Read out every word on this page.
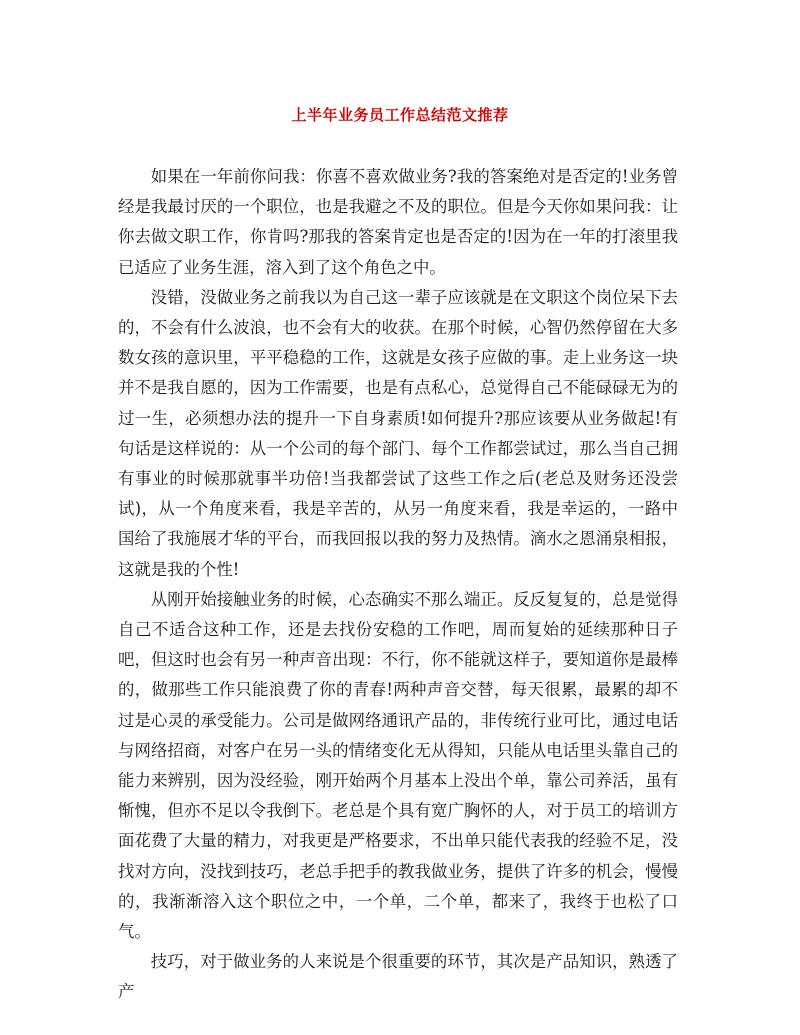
上半年业务员工作总结范文推荐

如果在一年前你问我：你喜不喜欢做业务?我的答案绝对是否定的!业务曾经是我最讨厌的一个职位，也是我避之不及的职位。但是今天你如果问我：让你去做文职工作，你肯吗?那我的答案肯定也是否定的!因为在一年的打滚里我已适应了业务生涯，溶入到了这个角色之中。

没错，没做业务之前我以为自己这一辈子应该就是在文职这个岗位呆下去的，不会有什么波浪，也不会有大的收获。在那个时候，心智仍然停留在大多数女孩的意识里，平平稳稳的工作，这就是女孩子应做的事。走上业务这一块并不是我自愿的，因为工作需要，也是有点私心，总觉得自己不能碌碌无为的过一生，必须想办法的提升一下自身素质!如何提升?那应该要从业务做起!有句话是这样说的：从一个公司的每个部门、每个工作都尝试过，那么当自己拥有事业的时候那就事半功倍!当我都尝试了这些工作之后(老总及财务还没尝试)，从一个角度来看，我是辛苦的，从另一角度来看，我是幸运的，一路中国给了我施展才华的平台，而我回报以我的努力及热情。滴水之恩涌泉相报，这就是我的个性!

从刚开始接触业务的时候，心态确实不那么端正。反反复复的，总是觉得自己不适合这种工作，还是去找份安稳的工作吧，周而复始的延续那种日子吧，但这时也会有另一种声音出现：不行，你不能就这样子，要知道你是最棒的，做那些工作只能浪费了你的青春!两种声音交替，每天很累，最累的却不过是心灵的承受能力。公司是做网络通讯产品的，非传统行业可比，通过电话与网络招商，对客户在另一头的情绪变化无从得知，只能从电话里头靠自己的能力来辨别，因为没经验，刚开始两个月基本上没出个单，靠公司养活，虽有惭愧，但亦不足以令我倒下。老总是个具有宽广胸怀的人，对于员工的培训方面花费了大量的精力，对我更是严格要求，不出单只能代表我的经验不足，没找对方向，没找到技巧，老总手把手的教我做业务，提供了许多的机会，慢慢的，我渐渐溶入这个职位之中，一个单，二个单，都来了，我终于也松了口气。

技巧，对于做业务的人来说是个很重要的环节，其次是产品知识，熟透了产
